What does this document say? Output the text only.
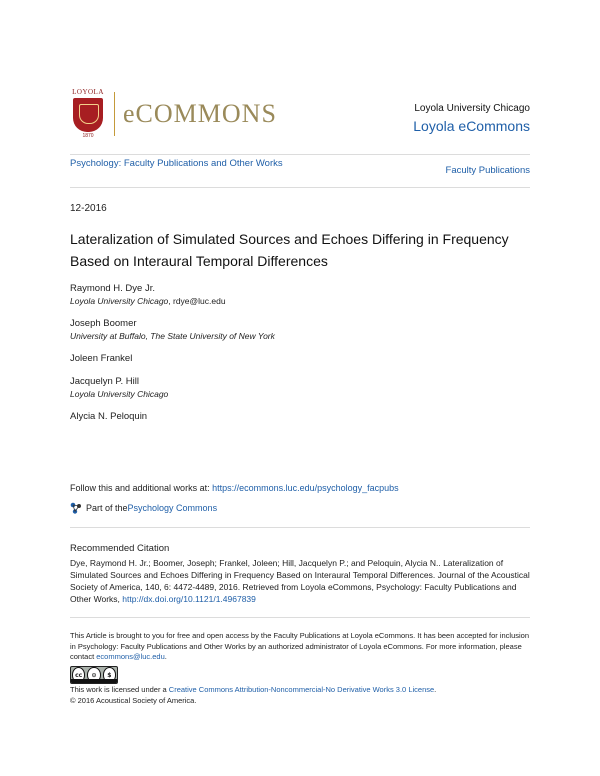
LOYOLA
1870
eCOMMONS	Loyola University Chicago
Loyola eCommons
Psychology: Faculty Publications and Other Works
Faculty Publications
12-2016
Lateralization of Simulated Sources and Echoes Differing in Frequency Based on Interaural Temporal Differences
Raymond H. Dye Jr.
Loyola University Chicago, rdye@luc.edu
Joseph Boomer
University at Buffalo, The State University of New York
Joleen Frankel
Jacquelyn P. Hill
Loyola University Chicago
Alycia N. Peloquin
Follow this and additional works at: https://ecommons.luc.edu/psychology_facpubs
Part of the Psychology Commons
Recommended Citation
Dye, Raymond H. Jr.; Boomer, Joseph; Frankel, Joleen; Hill, Jacquelyn P.; and Peloquin, Alycia N.. Lateralization of Simulated Sources and Echoes Differing in Frequency Based on Interaural Temporal Differences. Journal of the Acoustical Society of America, 140, 6: 4472-4489, 2016. Retrieved from Loyola eCommons, Psychology: Faculty Publications and Other Works, http://dx.doi.org/10.1121/1.4967839
This Article is brought to you for free and open access by the Faculty Publications at Loyola eCommons. It has been accepted for inclusion in Psychology: Faculty Publications and Other Works by an authorized administrator of Loyola eCommons. For more information, please contact ecommons@luc.edu.
cc	⊙	$
This work is licensed under a Creative Commons Attribution-Noncommercial-No Derivative Works 3.0 License.
© 2016 Acoustical Society of America.
